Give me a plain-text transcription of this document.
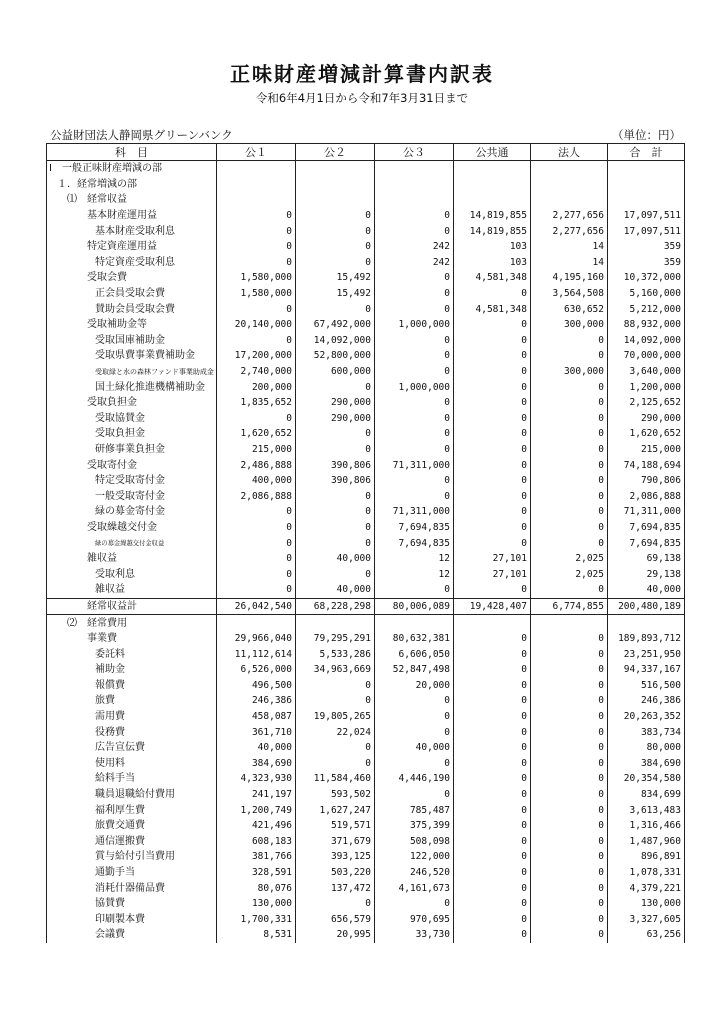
正味財産増減計算書内訳表
令和6年4月1日から令和7年3月31日まで
公益財団法人静岡県グリーンバンク	（単位：円）
科　目	公１	公２	公３	公共通	法人	合　計
Ⅰ　一般正味財産増減の部						
１．経常増減の部						
⑴　経常収益						
基本財産運用益	0	0	0	14,819,855	2,277,656	17,097,511
基本財産受取利息	0	0	0	14,819,855	2,277,656	17,097,511
特定資産運用益	0	0	242	103	14	359
特定資産受取利息	0	0	242	103	14	359
受取会費	1,580,000	15,492	0	4,581,348	4,195,160	10,372,000
正会員受取会費	1,580,000	15,492	0	0	3,564,508	5,160,000
賛助会員受取会費	0	0	0	4,581,348	630,652	5,212,000
受取補助金等	20,140,000	67,492,000	1,000,000	0	300,000	88,932,000
受取国庫補助金	0	14,092,000	0	0	0	14,092,000
受取県費事業費補助金	17,200,000	52,800,000	0	0	0	70,000,000
受取緑と水の森林ファンド事業助成金	2,740,000	600,000	0	0	300,000	3,640,000
国土緑化推進機構補助金	200,000	0	1,000,000	0	0	1,200,000
受取負担金	1,835,652	290,000	0	0	0	2,125,652
受取協賛金	0	290,000	0	0	0	290,000
受取負担金	1,620,652	0	0	0	0	1,620,652
研修事業負担金	215,000	0	0	0	0	215,000
受取寄付金	2,486,888	390,806	71,311,000	0	0	74,188,694
特定受取寄付金	400,000	390,806	0	0	0	790,806
一般受取寄付金	2,086,888	0	0	0	0	2,086,888
緑の募金寄付金	0	0	71,311,000	0	0	71,311,000
受取繰越交付金	0	0	7,694,835	0	0	7,694,835
緑の募金繰越交付金収益	0	0	7,694,835	0	0	7,694,835
雑収益	0	40,000	12	27,101	2,025	69,138
受取利息	0	0	12	27,101	2,025	29,138
雑収益	0	40,000	0	0	0	40,000
経常収益計	26,042,540	68,228,298	80,006,089	19,428,407	6,774,855	200,480,189
⑵　経常費用						
事業費	29,966,040	79,295,291	80,632,381	0	0	189,893,712
委託料	11,112,614	5,533,286	6,606,050	0	0	23,251,950
補助金	6,526,000	34,963,669	52,847,498	0	0	94,337,167
報償費	496,500	0	20,000	0	0	516,500
旅費	246,386	0	0	0	0	246,386
需用費	458,087	19,805,265	0	0	0	20,263,352
役務費	361,710	22,024	0	0	0	383,734
広告宣伝費	40,000	0	40,000	0	0	80,000
使用料	384,690	0	0	0	0	384,690
給料手当	4,323,930	11,584,460	4,446,190	0	0	20,354,580
職員退職給付費用	241,197	593,502	0	0	0	834,699
福利厚生費	1,200,749	1,627,247	785,487	0	0	3,613,483
旅費交通費	421,496	519,571	375,399	0	0	1,316,466
通信運搬費	608,183	371,679	508,098	0	0	1,487,960
賞与給付引当費用	381,766	393,125	122,000	0	0	896,891
通勤手当	328,591	503,220	246,520	0	0	1,078,331
消耗什器備品費	80,076	137,472	4,161,673	0	0	4,379,221
協賛費	130,000	0	0	0	0	130,000
印刷製本費	1,700,331	656,579	970,695	0	0	3,327,605
会議費	8,531	20,995	33,730	0	0	63,256
